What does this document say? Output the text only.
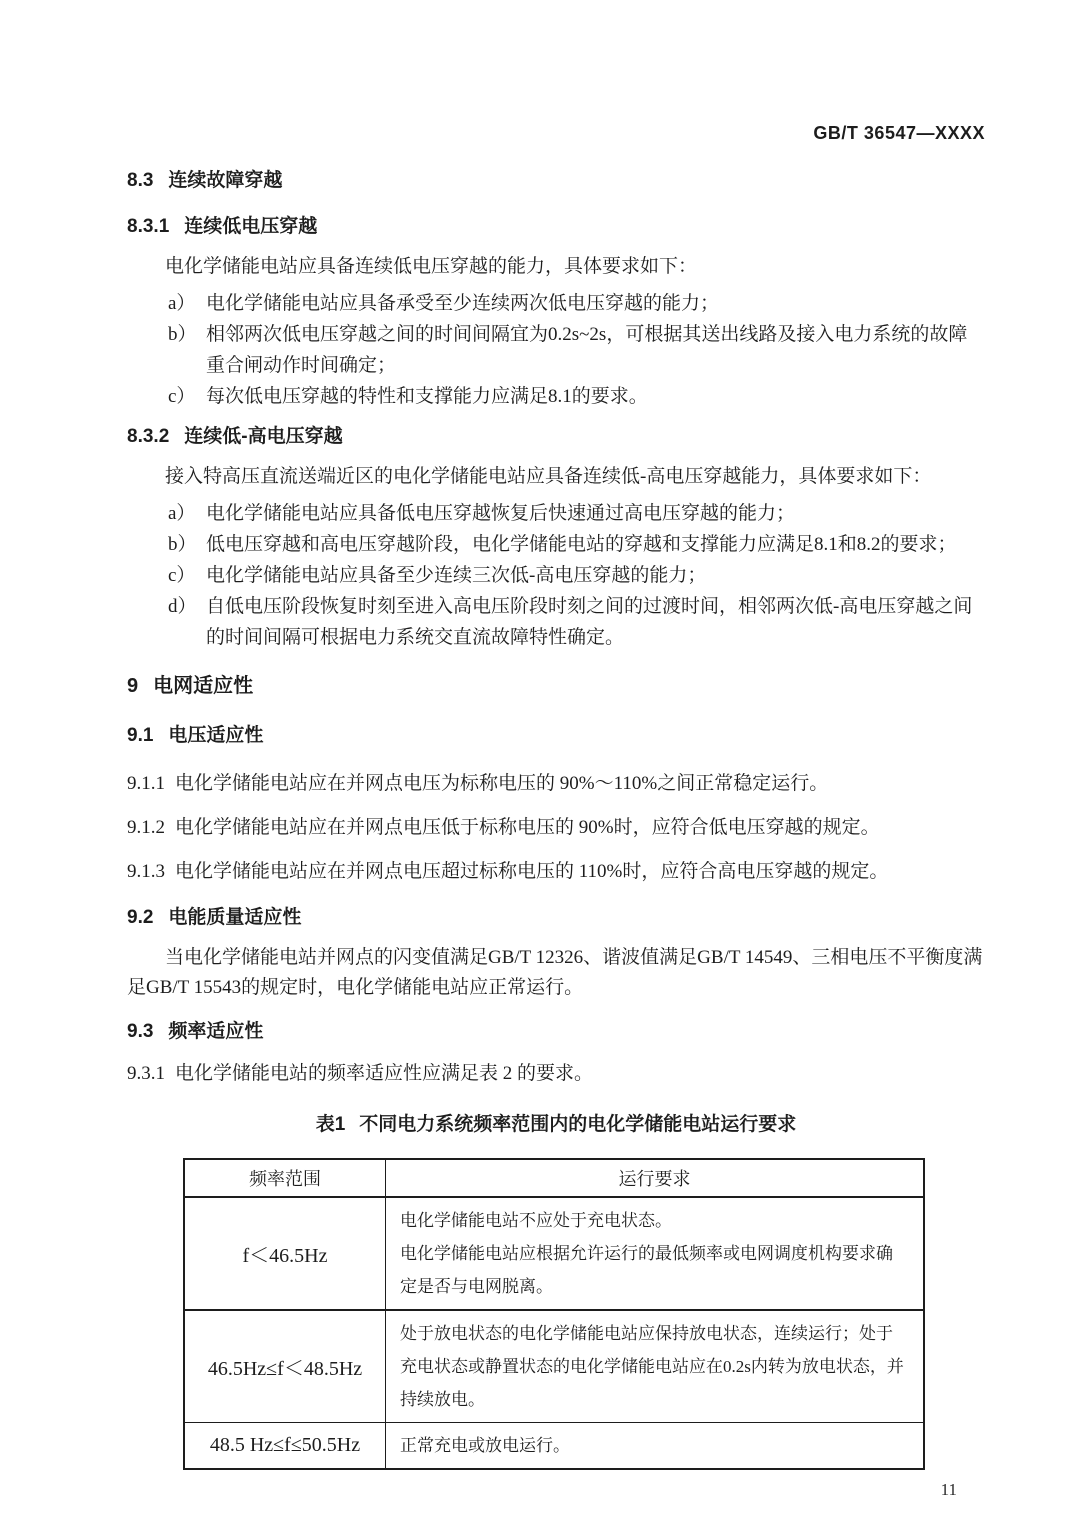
GB/T 36547—XXXX
8.3 连续故障穿越
8.3.1 连续低电压穿越

电化学储能电站应具备连续低电压穿越的能力，具体要求如下：

a） 电化学储能电站应具备承受至少连续两次低电压穿越的能力；
b） 相邻两次低电压穿越之间的时间间隔宜为0.2s~2s，可根据其送出线路及接入电力系统的故障重合闸动作时间确定；
c） 每次低电压穿越的特性和支撑能力应满足8.1的要求。
8.3.2 连续低-高电压穿越

接入特高压直流送端近区的电化学储能电站应具备连续低-高电压穿越能力，具体要求如下：

a） 电化学储能电站应具备低电压穿越恢复后快速通过高电压穿越的能力；
b） 低电压穿越和高电压穿越阶段，电化学储能电站的穿越和支撑能力应满足8.1和8.2的要求；
c） 电化学储能电站应具备至少连续三次低-高电压穿越的能力；
d） 自低电压阶段恢复时刻至进入高电压阶段时刻之间的过渡时间，相邻两次低-高电压穿越之间的时间间隔可根据电力系统交直流故障特性确定。
9 电网适应性
9.1 电压适应性

9.1.1 电化学储能电站应在并网点电压为标称电压的 90%～110%之间正常稳定运行。

9.1.2 电化学储能电站应在并网点电压低于标称电压的 90%时，应符合低电压穿越的规定。

9.1.3 电化学储能电站应在并网点电压超过标称电压的 110%时，应符合高电压穿越的规定。

9.2 电能质量适应性

当电化学储能电站并网点的闪变值满足GB/T 12326、谐波值满足GB/T 14549、三相电压不平衡度满足GB/T 15543的规定时，电化学储能电站应正常运行。

9.3 频率适应性

9.3.1 电化学储能电站的频率适应性应满足表 2 的要求。

表1 不同电力系统频率范围内的电化学储能电站运行要求
频率范围	运行要求
f＜46.5Hz	电化学储能电站不应处于充电状态。

电化学储能电站应根据允许运行的最低频率或电网调度机构要求确定是否与电网脱离。

46.5Hz≤f＜48.5Hz	处于放电状态的电化学储能电站应保持放电状态，连续运行；处于充电状态或静置状态的电化学储能电站应在0.2s内转为放电状态，并持续放电。

48.5 Hz≤f≤50.5Hz	正常充电或放电运行。

11
